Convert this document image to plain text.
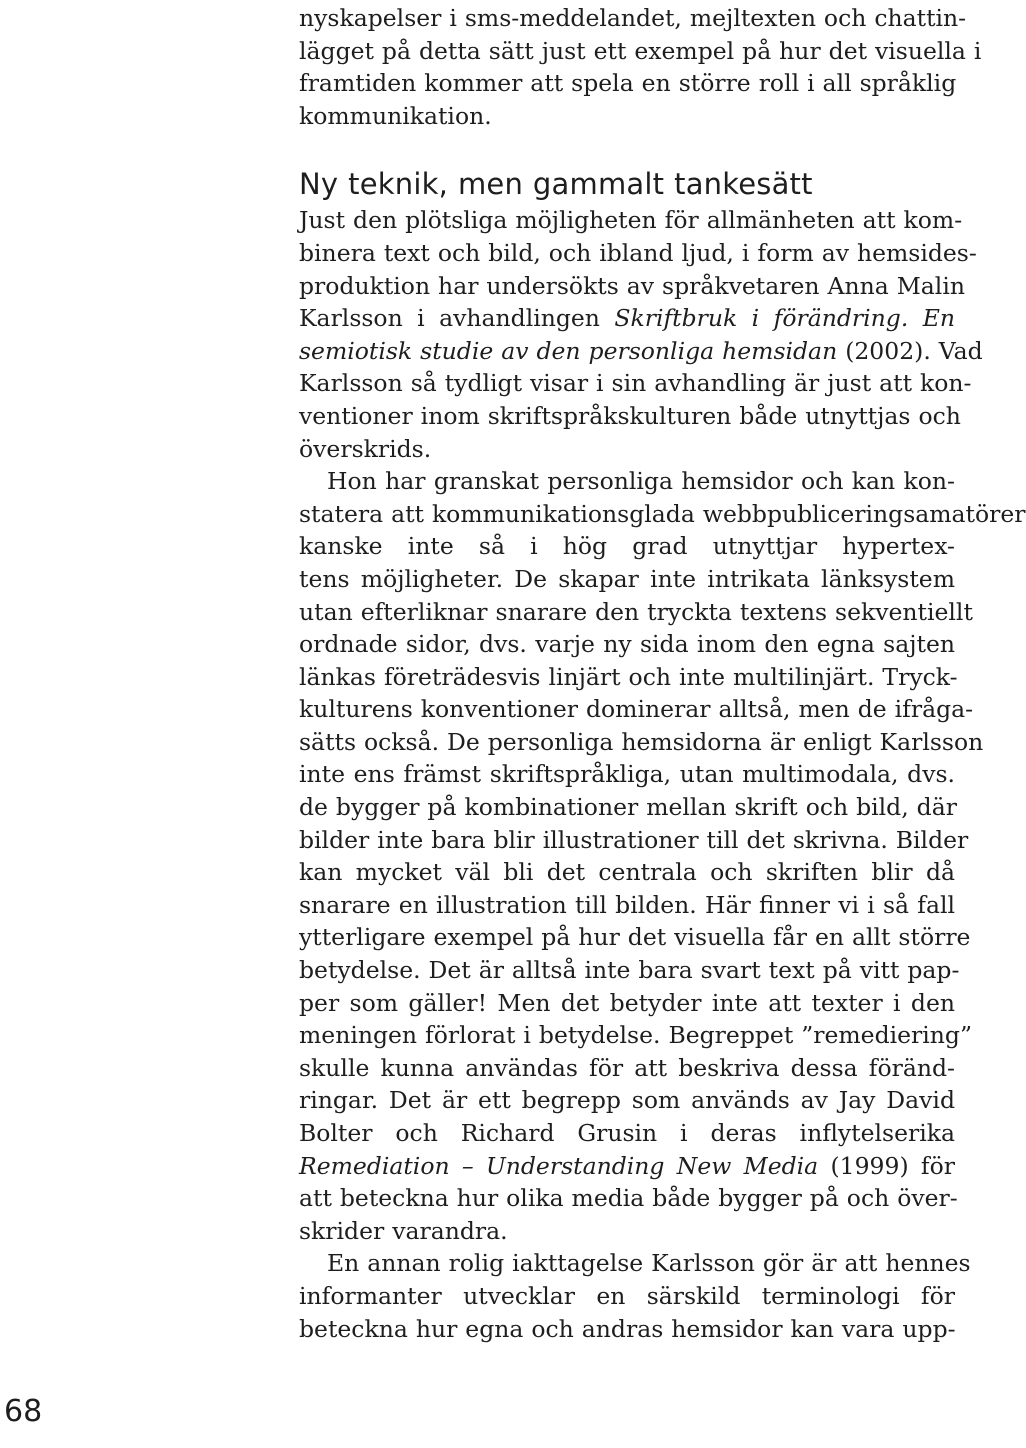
nyskapelser i sms-meddelandet, mejltexten och chattin-
lägget på detta sätt just ett exempel på hur det visuella i
framtiden kommer att spela en större roll i all språklig
kommunikation.
Ny teknik, men gammalt tankesätt
Just den plötsliga möjligheten för allmänheten att kom-
binera text och bild, och ibland ljud, i form av hemsides-
produktion har undersökts av språkvetaren Anna Malin
Karlsson i avhandlingen Skriftbruk i förändring. En
semiotisk studie av den personliga hemsidan (2002). Vad
Karlsson så tydligt visar i sin avhandling är just att kon-
ventioner inom skriftspråkskulturen både utnyttjas och
överskrids.
Hon har granskat personliga hemsidor och kan kon-
statera att kommunikationsglada webbpubliceringsamatörer
kanske inte så i hög grad utnyttjar hypertex-
tens möjligheter. De skapar inte intrikata länksystem
utan efterliknar snarare den tryckta textens sekventiellt
ordnade sidor, dvs. varje ny sida inom den egna sajten
länkas företrädesvis linjärt och inte multilinjärt. Tryck-
kulturens konventioner dominerar alltså, men de ifråga-
sätts också. De personliga hemsidorna är enligt Karlsson
inte ens främst skriftspråkliga, utan multimodala, dvs.
de bygger på kombinationer mellan skrift och bild, där
bilder inte bara blir illustrationer till det skrivna. Bilder
kan mycket väl bli det centrala och skriften blir då
snarare en illustration till bilden. Här finner vi i så fall
ytterligare exempel på hur det visuella får en allt större
betydelse. Det är alltså inte bara svart text på vitt pap-
per som gäller! Men det betyder inte att texter i den
meningen förlorat i betydelse. Begreppet ”remediering”
skulle kunna användas för att beskriva dessa föränd-
ringar. Det är ett begrepp som används av Jay David
Bolter och Richard Grusin i deras inflytelserika
Remediation – Understanding New Media (1999) för
att beteckna hur olika media både bygger på och över-
skrider varandra.
En annan rolig iakttagelse Karlsson gör är att hennes
informanter utvecklar en särskild terminologi för
beteckna hur egna och andras hemsidor kan vara upp-
68
